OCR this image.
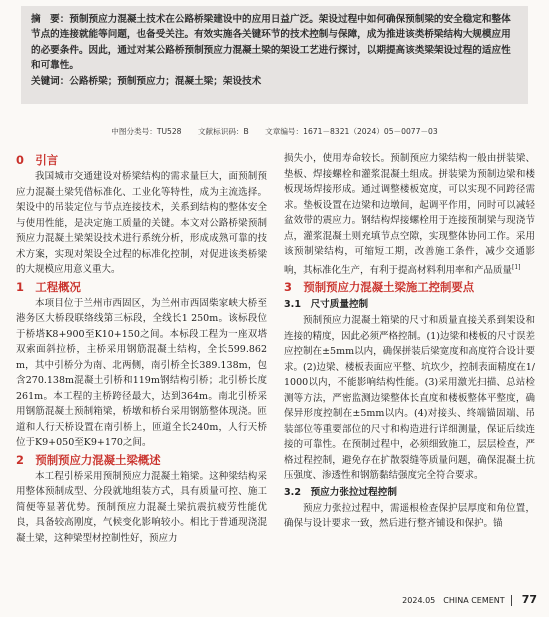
摘　要：预制预应力混凝土技术在公路桥梁建设中的应用日益广泛。架设过程中如何确保预制梁的安全稳定和整体节点的连接就能等问题，也备受关注。有效实施各关键环节的技术控制与保障，成为推进该类桥梁结构大规模应用的必要条件。因此，通过对某公路桥预制预应力混凝土梁的架设工艺进行探讨，以期提高该类梁架设过程的适应性和可靠性。
关键词：公路桥梁；预制预应力；混凝土梁；架设技术
中图分类号：TU528 文献标识码：B 文章编号：1671－8321（2024）05－0077－03
0　引言

我国城市交通建设对桥梁结构的需求量巨大，面预制预应力混凝土梁凭借标准化、工业化等特性，成为主流选择。架设中的吊装定位与节点连接技术，关系到结构的整体安全与使用性能，是决定施工质量的关键。本文对公路桥梁预制预应力混凝土梁架设技术进行系统分析，形成成熟可靠的技术方案，实现对架设全过程的标准化控制，对促进该类桥梁的大规模应用意义重大。

1　工程概况

本项目位于兰州市西固区，为兰州市西固柴家峡大桥至港务区大桥段联络线第三标段，全线长1 250m。该标段位于桥塔K8+900至K10+150之间。本标段工程为一座双塔双索面斜拉桥，主桥采用钢筋混凝土结构，全长599.862m，其中引桥分为南、北两侧，南引桥全长389.138m，包含270.138m混凝土引桥和119m钢结构引桥；北引桥长度261m。本工程的主桥跨径最大，达到364m。南北引桥采用钢筋混凝土预制箱梁，桥墩和桥台采用钢筋整体现浇。匝道和人行天桥设置在南引桥上，匝道全长240m，人行天桥位于K9+050至K9+170之间。

2　预制预应力混凝土梁概述

本工程引桥采用预制预应力混凝土箱梁。这种梁结构采用整体预制成型、分段就地组装方式，具有质量可控、施工简便等显著优势。预制预应力混凝土梁抗震抗疲劳性能优良，具备较高刚度，气候变化影响较小。相比于普通现浇混凝土梁，这种梁型材控制性好，预应力

损失小，使用寿命较长。预制预应力梁结构一般由拼装梁、垫板、焊接螺栓和灌浆混凝土组成。拼装梁为预制边梁和楼板现场焊接形成。通过调整楼板宽度，可以实现不同跨径需求。垫板设置在边梁和边墩间，起调平作用，同时可以减轻盆效带的震应力。钢结构焊接螺栓用于连接预制梁与现浇节点，灌浆混凝土则充填节点空隙，实现整体协同工作。采用该预制梁结构，可缩短工期，改善施工条件，减少交通影响，其标准化生产，有利于提高材料利用率和产品质量[1]

3　预制预应力混凝土梁施工控制要点
3.1　尺寸质量控制

预制预应力混凝土箱梁的尺寸和质量直接关系到架设和连接的精度，因此必须严格控制。(1)边梁和楼板的尺寸误差应控制在±5mm以内，确保拼装后梁宽度和高度符合设计要求。(2)边梁、楼板表面应平整、坑坎少，控制表面精度在1/1000以内，不能影响结构性能。(3)采用激光扫描、总站检测等方法，严密监测边梁整体长直度和楼板整体平整度，确保异形度控制在±5mm以内。(4)对接头、终端锚固端、吊装部位等重要部位的尺寸和构造进行详细测量，保证后续连接的可靠性。在预制过程中，必须细致施工，层层检查，严格过程控制，避免存在扩散裂缝等质量问题，确保混凝土抗压强度、渗透性和钢筋黏结强度完全符合要求。

3.2　预应力张拉过程控制

预应力张拉过程中，需遥根检查保护层厚度和角位置，确保与设计要求一致，然后进行整齐铺设和保护。锚

2024.05　CHINA CEMENT 77
